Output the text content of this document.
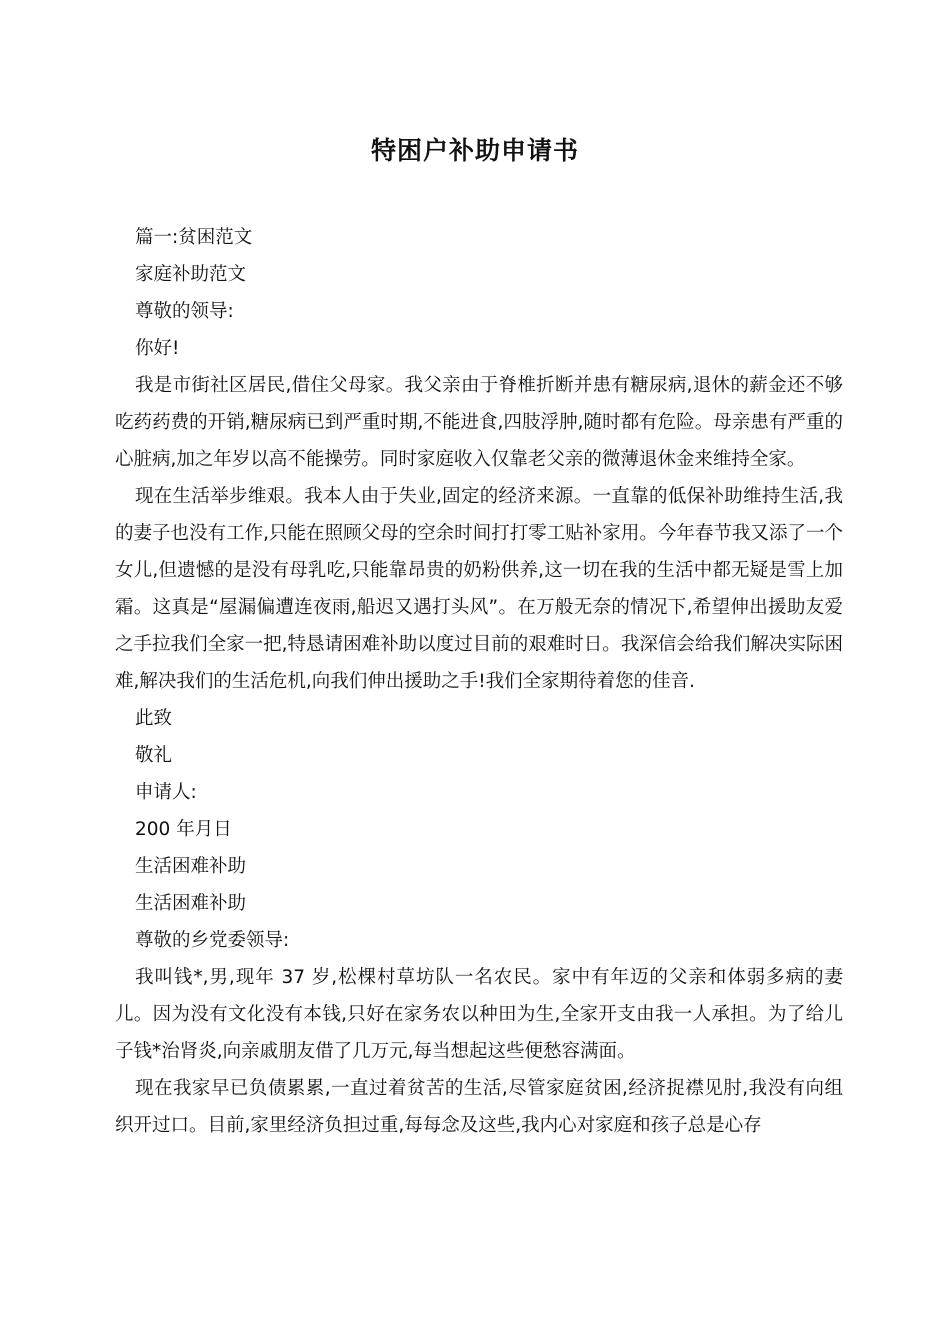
特困户补助申请书

篇一:贫困范文

家庭补助范文

尊敬的领导:

你好!

我是市街社区居民,借住父母家。我父亲由于脊椎折断并患有糖尿病,退休的薪金还不够吃药药费的开销,糖尿病已到严重时期,不能进食,四肢浮肿,随时都有危险。母亲患有严重的心脏病,加之年岁以高不能操劳。同时家庭收入仅靠老父亲的微薄退休金来维持全家。

现在生活举步维艰。我本人由于失业,固定的经济来源。一直靠的低保补助维持生活,我的妻子也没有工作,只能在照顾父母的空余时间打打零工贴补家用。今年春节我又添了一个女儿,但遗憾的是没有母乳吃,只能靠昂贵的奶粉供养,这一切在我的生活中都无疑是雪上加霜。这真是“屋漏偏遭连夜雨,船迟又遇打头风”。在万般无奈的情况下,希望伸出援助友爱之手拉我们全家一把,特恳请困难补助以度过目前的艰难时日。我深信会给我们解决实际困难,解决我们的生活危机,向我们伸出援助之手!我们全家期待着您的佳音.

此致

敬礼

申请人:

200 年月日

生活困难补助

生活困难补助

尊敬的乡党委领导:

我叫钱*,男,现年 37 岁,松棵村草坊队一名农民。家中有年迈的父亲和体弱多病的妻儿。因为没有文化没有本钱,只好在家务农以种田为生,全家开支由我一人承担。为了给儿子钱*治肾炎,向亲戚朋友借了几万元,每当想起这些便愁容满面。

现在我家早已负债累累,一直过着贫苦的生活,尽管家庭贫困,经济捉襟见肘,我没有向组织开过口。目前,家里经济负担过重,每每念及这些,我内心对家庭和孩子总是心存
